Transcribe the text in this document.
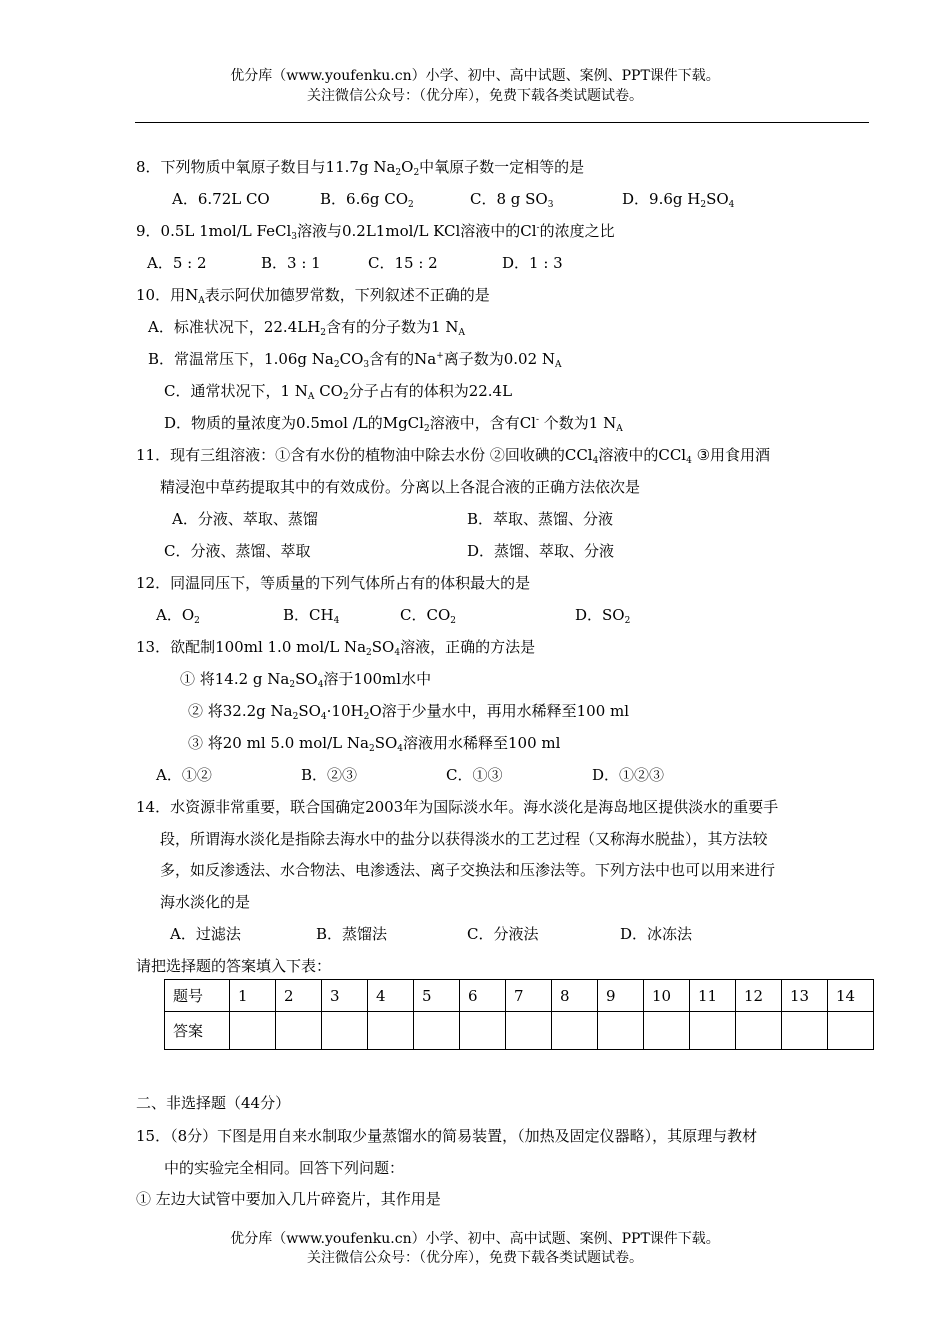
优分库（www.youfenku.cn）小学、初中、高中试题、案例、PPT课件下载。
关注微信公众号：（优分库），免费下载各类试题试卷。
8．下列物质中氧原子数目与11.7g $Na_2O_2$中氧原子数一定相等的是
A．6.72L CO	B．6.6g $CO_2$	C．8 g $SO_3$	D．9.6g $H_2SO_4$
9．0.5L 1mol/L FeCl$_3$溶液与0.2L1mol/L KCl溶液中的Cl-的浓度之比
A．5 : 2	B．3 : 1	C．15 : 2	D．1 : 3
10．用$N_A$表示阿伏加德罗常数，下列叙述不正确的是
A．标准状况下，$22.4LH_2$含有的分子数为1 $N_A$
B．常温常压下，1.06g $Na_2CO_3$含有的Na+离子数为0.02 $N_A$
C．通常状况下，1 $N_A$ $CO_2$分子占有的体积为22.4L
D．物质的量浓度为0.5mol /L的MgCl$_2$溶液中，含有Cl- 个数为1 $N_A$
11．现有三组溶液：①含有水份的植物油中除去水份 ②回收碘的CCl$_4$溶液中的CCl$_4$ ③用食用酒
精浸泡中草药提取其中的有效成份。分离以上各混合液的正确方法依次是
A．分液、萃取、蒸馏	B．萃取、蒸馏、分液
C．分液、蒸馏、萃取	D．蒸馏、萃取、分液
12．同温同压下，等质量的下列气体所占有的体积最大的是
A．$O_2$	B．$CH_4$	C．$CO_2$	D．$SO_2$
13．欲配制100ml 1.0 mol/L $Na_2SO_4$溶液，正确的方法是
① 将14.2 g $Na_2SO_4$溶于100ml水中
② 将32.2g $Na_2SO_4\cdot 10H_2O$溶于少量水中，再用水稀释至100 ml
③ 将20 ml 5.0 mol/L $Na_2SO_4$溶液用水稀释至100 ml
A．①②	B．②③	C．①③	D．①②③
14．水资源非常重要，联合国确定2003年为国际淡水年。海水淡化是海岛地区提供淡水的重要手
段，所谓海水淡化是指除去海水中的盐分以获得淡水的工艺过程（又称海水脱盐），其方法较
多，如反渗透法、水合物法、电渗透法、离子交换法和压渗法等。下列方法中也可以用来进行
海水淡化的是
A．过滤法	B．蒸馏法	C．分液法	D．冰冻法
请把选择题的答案填入下表：
题号	1	2	3	4	5	6	7	8	9	10	11	12	13	14
答案														
二、非选择题（44分）
15．（8分）下图是用自来水制取少量蒸馏水的简易装置，（加热及固定仪器略），其原理与教材
中的实验完全相同。回答下列问题：
① 左边大试管中要加入几片碎瓷片，其作用是
优分库（www.youfenku.cn）小学、初中、高中试题、案例、PPT课件下载。
关注微信公众号：（优分库），免费下载各类试题试卷。
